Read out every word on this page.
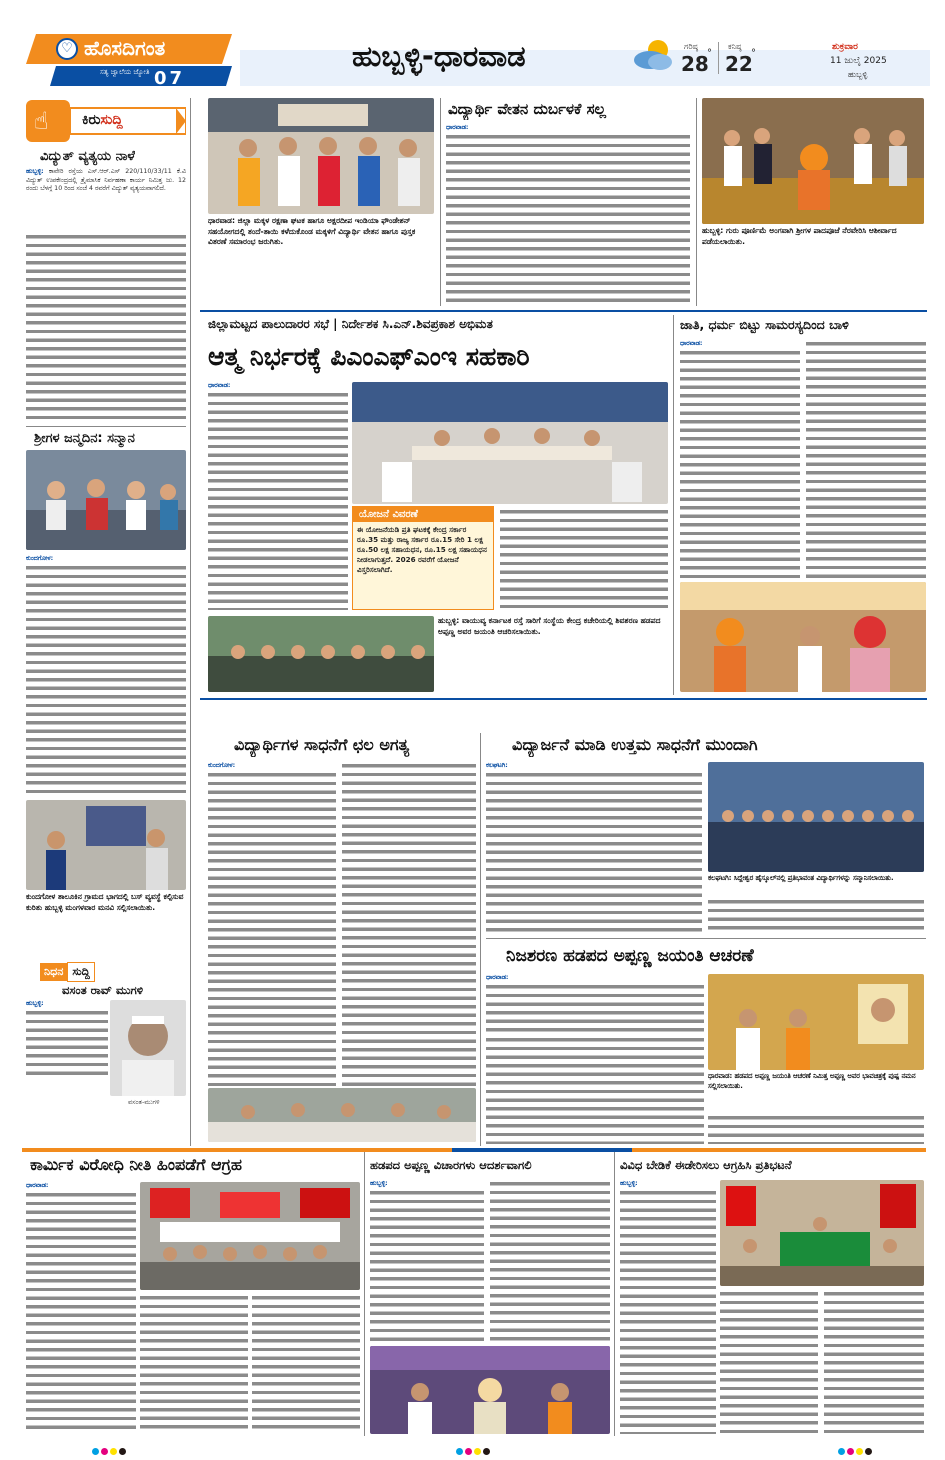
♡ ಹೊಸದಿಗಂತ
ಸತ್ಯ ಜ್ವಾಲೆಯ ಜ್ಯೋತಿ 07
ಹುಬ್ಬಳ್ಳಿ-ಧಾರವಾಡ	ಗರಿಷ್ಠ
28
°
ಕನಿಷ್ಠ
22
°
ಶುಕ್ರವಾರ
11 ಜುಲೈ 2025
ಹುಬ್ಬಳ್ಳಿ
☝ ಕಿರುಸುದ್ದಿ
ವಿದ್ಯುತ್ ವ್ಯತ್ಯಯ ನಾಳೆ
ಹುಬ್ಬಳ್ಳಿ: ಕಾವೇರಿ ರಸ್ತೆಯ ಎಸ್.ಆರ್.ಎಸ್ 220/110/33/11 ಕೆ.ವಿ ವಿದ್ಯುತ್ ಉಪಕೇಂದ್ರದಲ್ಲಿ ತ್ರೈಮಾಸಿಕ ನಿರ್ವಹಣಾ ಕಾರ್ಯ ನಿಮಿತ್ತ ಜು. 12 ರಂದು ಬೆಳಗ್ಗೆ 10 ರಿಂದ ಸಂಜೆ 4 ರವರೆಗೆ ವಿದ್ಯುತ್ ವ್ಯತ್ಯಯವಾಗಲಿದೆ.
ಶ್ರೀಗಳ ಜನ್ಮದಿನ: ಸನ್ಮಾನ
ಕುಂದಗೋಳ:
ಕುಂದಗೋಳ ತಾಲೂಕಿನ ಗ್ರಾಮದ ಭಾಗದಲ್ಲಿ ಬಸ್ ವ್ಯವಸ್ಥೆ ಕಲ್ಪಿಸುವ ಕುರಿತು ಹುಬ್ಬಳ್ಳಿ ಮಂಗಳವಾರ ಮನವಿ ಸಲ್ಲಿಸಲಾಯಿತು.
ನಿಧನ ಸುದ್ದಿ
ವಸಂತ ರಾವ್ ಮುಗಳಿ
ಹುಬ್ಬಳ್ಳಿ:
ವಸಂತ-ಮುಗಳಿ
ಧಾರವಾಡ: ಜಿಲ್ಲಾ ಮಕ್ಕಳ ರಕ್ಷಣಾ ಘಟಕ ಹಾಗೂ ಅಕ್ಷರದೀಪ ಇಂಡಿಯಾ ಫೌಂಡೇಶನ್ ಸಹಯೋಗದಲ್ಲಿ ತಂದೆ-ತಾಯಿ ಕಳೆದುಕೊಂಡ ಮಕ್ಕಳಿಗೆ ವಿದ್ಯಾರ್ಥಿ ವೇತನ ಹಾಗೂ ಪುಸ್ತಕ ವಿತರಣೆ ಸಮಾರಂಭ ಜರುಗಿತು.
ವಿದ್ಯಾರ್ಥಿ ವೇತನ ದುರ್ಬಳಕೆ ಸಲ್ಲ
ಧಾರವಾಡ:
ಹುಬ್ಬಳ್ಳಿ: ಗುರು ಪೂರ್ಣಿಮೆ ಅಂಗವಾಗಿ ಶ್ರೀಗಳ ಪಾದಪೂಜೆ ನೆರವೇರಿಸಿ ಆಶೀರ್ವಾದ ಪಡೆಯಲಾಯಿತು.
ಜಿಲ್ಲಾಮಟ್ಟದ ಪಾಲುದಾರರ ಸಭೆ | ನಿರ್ದೇಶಕ ಸಿ.ಎನ್.ಶಿವಪ್ರಕಾಶ ಅಭಿಮತ
ಆತ್ಮ ನಿರ್ಭರಕ್ಕೆ ಪಿಎಂಎಫ್‌ಎಂಇ ಸಹಕಾರಿ
ಧಾರವಾಡ:
ಯೋಜನೆ ವಿವರಣೆ
ಈ ಯೋಜನೆಯಡಿ ಪ್ರತಿ ಘಟಕಕ್ಕೆ ಕೇಂದ್ರ ಸರ್ಕಾರ ರೂ.35 ಮತ್ತು ರಾಜ್ಯ ಸರ್ಕಾರ ರೂ.15 ಸೇರಿ 1 ಲಕ್ಷ ರೂ.50 ಲಕ್ಷ ಸಹಾಯಧನ, ರೂ.15 ಲಕ್ಷ ಸಹಾಯಧನ ನೀಡಲಾಗುತ್ತದೆ. 2026 ರವರೆಗೆ ಯೋಜನೆ ವಿಸ್ತರಿಸಲಾಗಿದೆ.
ಹುಬ್ಬಳ್ಳಿ: ವಾಯುವ್ಯ ಕರ್ನಾಟಕ ರಸ್ತೆ ಸಾರಿಗೆ ಸಂಸ್ಥೆಯ ಕೇಂದ್ರ ಕಚೇರಿಯಲ್ಲಿ ಶಿವಶರಣ ಹಡಪದ ಅಪ್ಪಣ್ಣ ಅವರ ಜಯಂತಿ ಆಚರಿಸಲಾಯಿತು.
ಜಾತಿ, ಧರ್ಮ ಬಿಟ್ಟು ಸಾಮರಸ್ಯದಿಂದ ಬಾಳಿ
ಧಾರವಾಡ:
ವಿದ್ಯಾರ್ಥಿಗಳ ಸಾಧನೆಗೆ ಛಲ ಅಗತ್ಯ
ಕುಂದಗೋಳ:
ವಿದ್ಯಾರ್ಜನೆ ಮಾಡಿ ಉತ್ತಮ ಸಾಧನೆಗೆ ಮುಂದಾಗಿ
ಕಲಘಟಗಿ:
ಕಲಘಟಗಿ: ಸಿದ್ದೇಶ್ವರ ಹೈಸ್ಕೂಲ್‌ನಲ್ಲಿ ಪ್ರತಿಭಾವಂತ ವಿದ್ಯಾರ್ಥಿಗಳನ್ನು ಸನ್ಮಾನಿಸಲಾಯಿತು.
ನಿಜಶರಣ ಹಡಪದ ಅಪ್ಪಣ್ಣ ಜಯಂತಿ ಆಚರಣೆ
ಧಾರವಾಡ:
ಧಾರವಾಡ: ಹಡಪದ ಅಪ್ಪಣ್ಣ ಜಯಂತಿ ಆಚರಣೆ ನಿಮಿತ್ತ ಅಪ್ಪಣ್ಣ ಅವರ ಭಾವಚಿತ್ರಕ್ಕೆ ಪುಷ್ಪ ನಮನ ಸಲ್ಲಿಸಲಾಯಿತು.
ಕಾರ್ಮಿಕ ವಿರೋಧಿ ನೀತಿ ಹಿಂಪಡೆಗೆ ಆಗ್ರಹ
ಧಾರವಾಡ:
ಹಡಪದ ಅಪ್ಪಣ್ಣ ವಿಚಾರಗಳು ಆದರ್ಶವಾಗಲಿ
ಹುಬ್ಬಳ್ಳಿ:
ವಿವಿಧ ಬೇಡಿಕೆ ಈಡೇರಿಸಲು ಆಗ್ರಹಿಸಿ ಪ್ರತಿಭಟನೆ
ಹುಬ್ಬಳ್ಳಿ:
